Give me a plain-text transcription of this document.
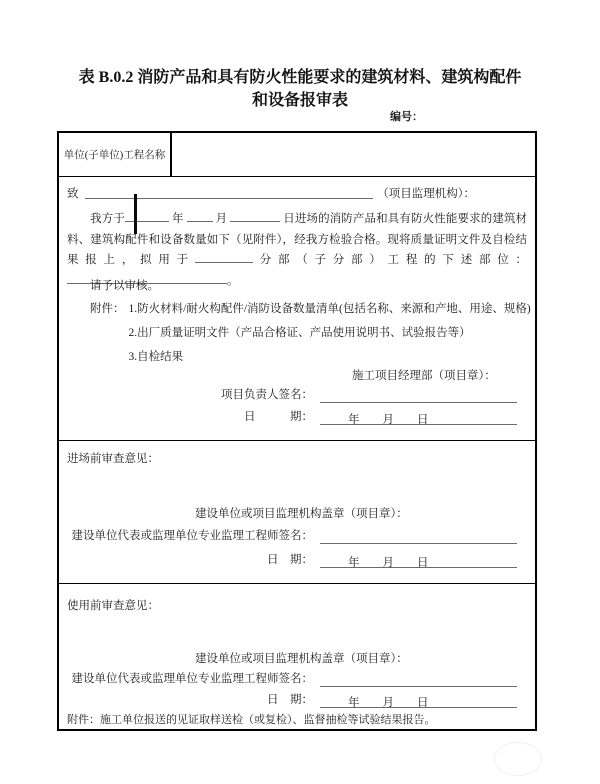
表 B.0.2 消防产品和具有防火性能要求的建筑材料、建筑构配件和设备报审表
编号：
单位(子单位)工程名称
致	（项目监理机构）：

我方于	年	月	日进场的消防产品和具有防火性能要求的建筑材料、建筑构配件和设备数量如下（见附件），经我方检验合格。现将质量证明文件及自检结果报上，拟用于	分部（子分部）工程的下述部位：。

请予以审核。

附件： 1.防火材料/耐火构配件/消防设备数量清单(包括名称、来源和产地、用途、规格)
2.出厂质量证明文件（产品合格证、产品使用说明书、试验报告等）
3.自检结果
施工项目经理部（项目章）：
项目负责人签名：
日　　　期：	年　　月　　日
进场前审查意见：
建设单位或项目监理机构盖章（项目章）：
建设单位代表或监理单位专业监理工程师签名：
日　期：	年　　月　　日
使用前审查意见：
建设单位或项目监理机构盖章（项目章）：
建设单位代表或监理单位专业监理工程师签名：
日　期：	年　　月　　日
附件：施工单位报送的见证取样送检（或复检）、监督抽检等试验结果报告。
